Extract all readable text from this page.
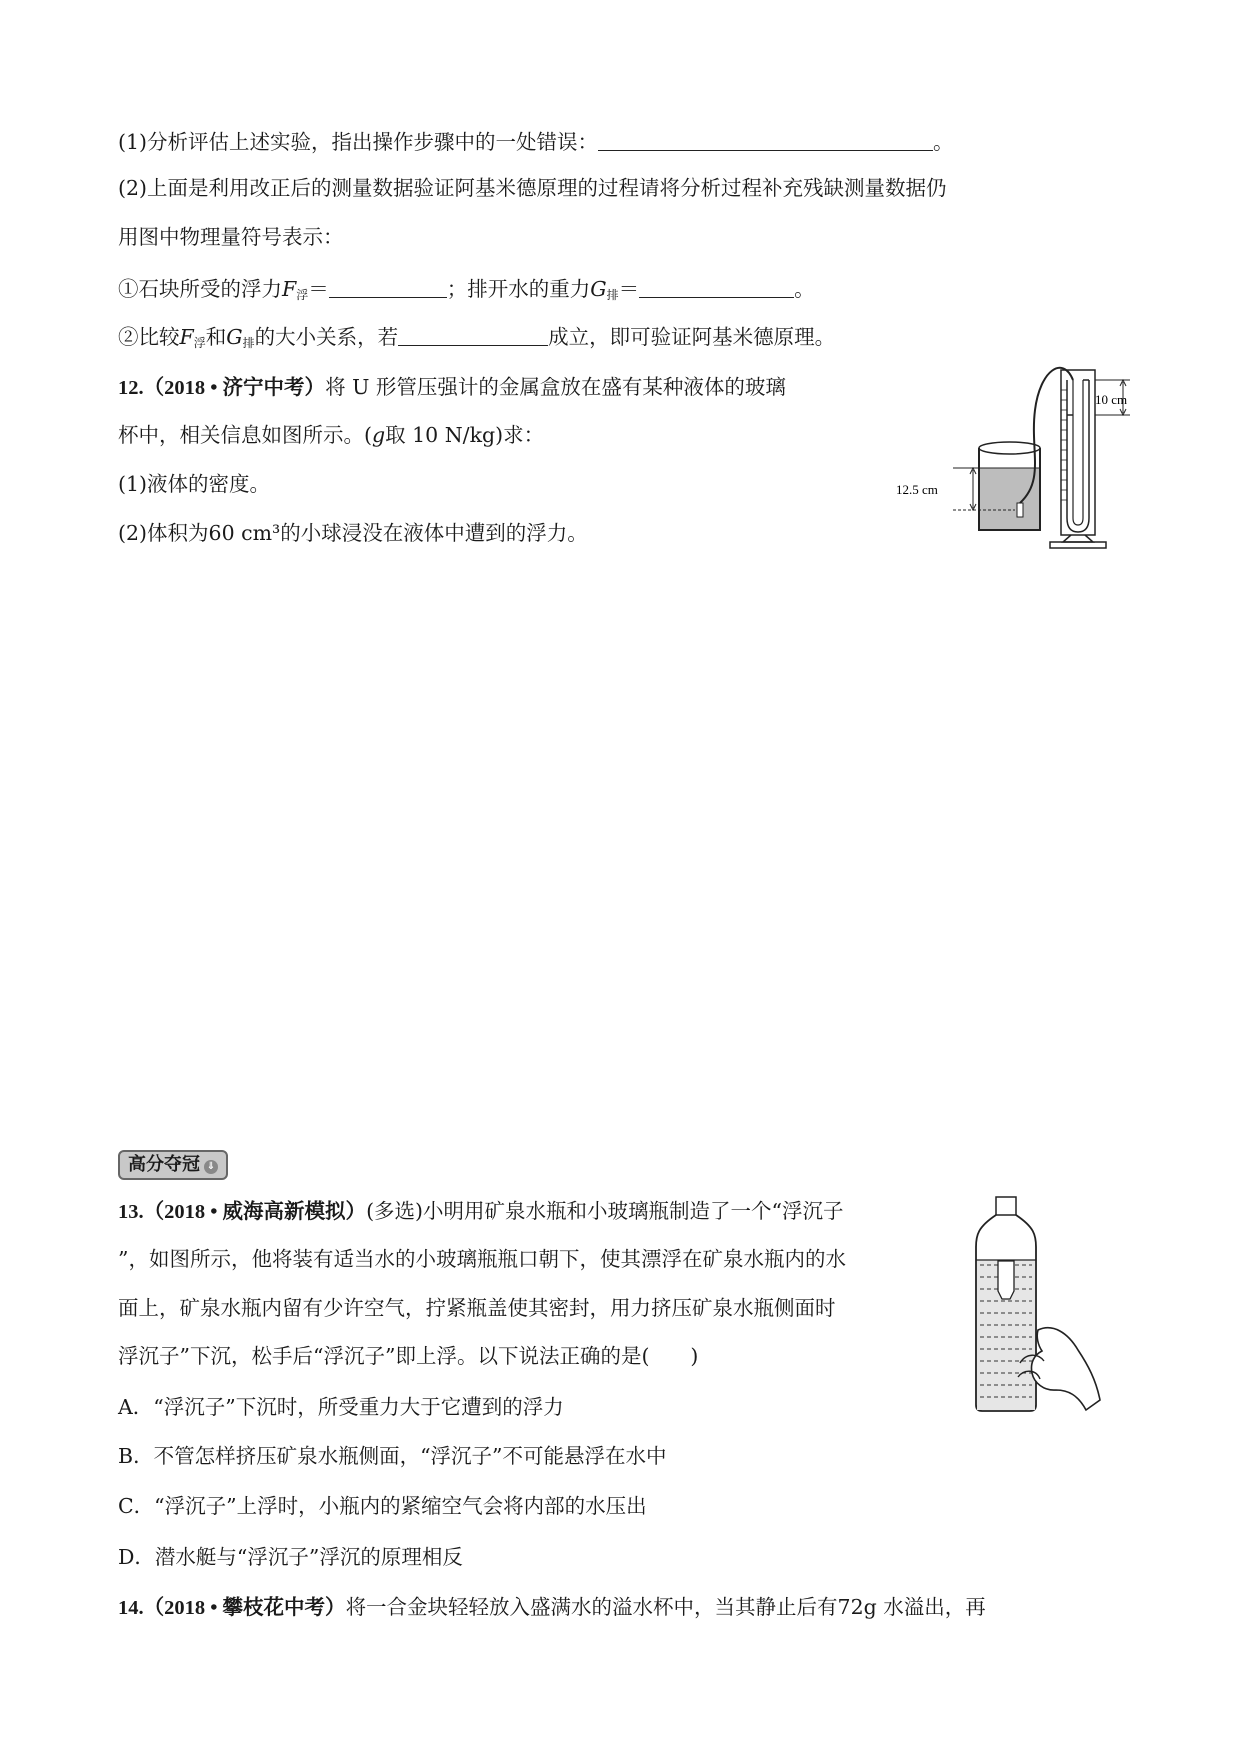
(1)分析评估上述实验，指出操作步骤中的一处错误：	。
(2)上面是利用改正后的测量数据验证阿基米德原理的过程请将分析过程补充残缺测量数据仍
用图中物理量符号表示：
①石块所受的浮力$F_浮=$	；排开水的重力$G_排=$	。
②比较$F_浮$和$G_排$的大小关系，若	成立，即可验证阿基米德原理。
12.（2018 • 济宁中考）将 U 形管压强计的金属盒放在盛有某种液体的玻璃
杯中，相关信息如图所示。(g取 10 N/kg)求：
(1)液体的密度。
(2)体积为60 cm³的小球浸没在液体中遭到的浮力。
12.5 cm
10 cm
高分夺冠 ⇓
13.（2018 • 威海高新模拟）(多选)小明用矿泉水瓶和小玻璃瓶制造了一个“浮沉子
”，如图所示，他将装有适当水的小玻璃瓶瓶口朝下，使其漂浮在矿泉水瓶内的水
面上，矿泉水瓶内留有少许空气，拧紧瓶盖使其密封，用力挤压矿泉水瓶侧面时
浮沉子”下沉，松手后“浮沉子”即上浮。以下说法正确的是(　　)
A．“浮沉子”下沉时，所受重力大于它遭到的浮力
B．不管怎样挤压矿泉水瓶侧面，“浮沉子”不可能悬浮在水中
C．“浮沉子”上浮时，小瓶内的紧缩空气会将内部的水压出
D．潜水艇与“浮沉子”浮沉的原理相反
14.（2018 • 攀枝花中考）将一合金块轻轻放入盛满水的溢水杯中，当其静止后有72g 水溢出，再
